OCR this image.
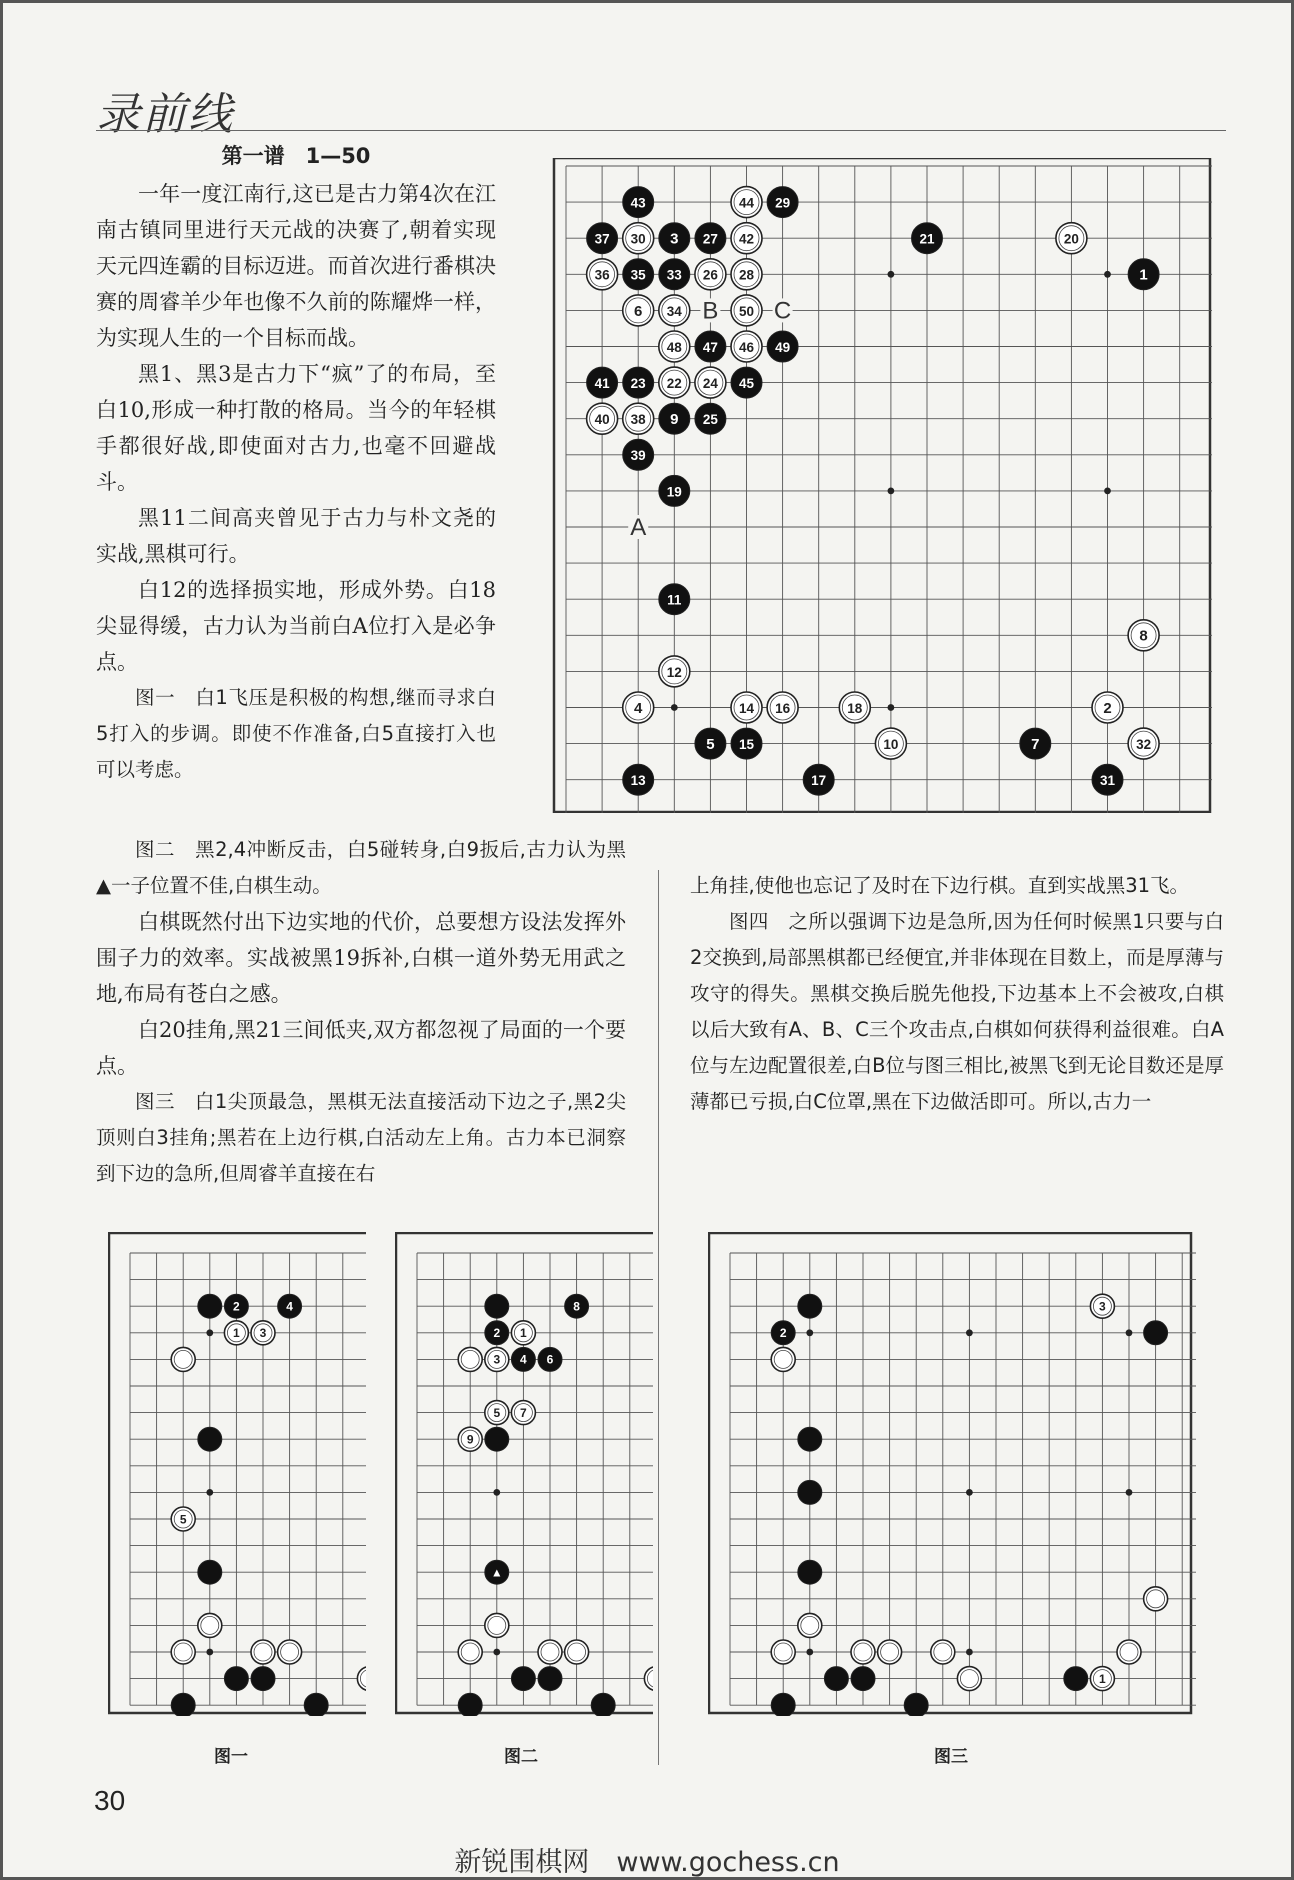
录前线
第一谱　1—50

一年一度江南行,这已是古力第4次在江南古镇同里进行天元战的决赛了,朝着实现天元四连霸的目标迈进。而首次进行番棋决赛的周睿羊少年也像不久前的陈耀烨一样，为实现人生的一个目标而战。

黑1、黑3是古力下“疯”了的布局，至白10,形成一种打散的格局。当今的年轻棋手都很好战,即使面对古力,也毫不回避战斗。

黑11二间高夹曾见于古力与朴文尧的实战,黑棋可行。

白12的选择损实地，形成外势。白18尖显得缓，古力认为当前白A位打入是必争点。

图一　白1飞压是积极的构想,继而寻求白5打入的步调。即使不作准备,白5直接打入也可以考虑。

43	44 29
37 30 3 27 42	21	20
36 35 33 26 28	1
6 34	50
48 47 46 49
41 23 22 24 45
40 38 9 25
39
19
11
8
12
4	14 16	18	2
5 15	10	7	32
13	17	31
B C
A

图二　黑2,4冲断反击，白5碰转身,白9扳后,古力认为黑▲一子位置不佳,白棋生动。

白棋既然付出下边实地的代价，总要想方设法发挥外围子力的效率。实战被黑19拆补,白棋一道外势无用武之地,布局有苍白之感。

白20挂角,黑21三间低夹,双方都忽视了局面的一个要点。

图三　白1尖顶最急，黑棋无法直接活动下边之子,黑2尖顶则白3挂角;黑若在上边行棋,白活动左上角。古力本已洞察到下边的急所,但周睿羊直接在右

上角挂,使他也忘记了及时在下边行棋。直到实战黑31飞。

图四　之所以强调下边是急所,因为任何时候黑1只要与白2交换到,局部黑棋都已经便宜,并非体现在目数上，而是厚薄与攻守的得失。黑棋交换后脱先他投,下边基本上不会被攻,白棋以后大致有A、B、C三个攻击点,白棋如何获得利益很难。白A位与左边配置很差,白B位与图三相比,被黑飞到无论目数还是厚薄都已亏损,白C位罩,黑在下边做活即可。所以,古力一

2	4
1 3
5
8
2 1
3 4 6
5 7
9
▲
3
2
1
图一	图二	图三
30
新锐围棋网　www.gochess.cn
